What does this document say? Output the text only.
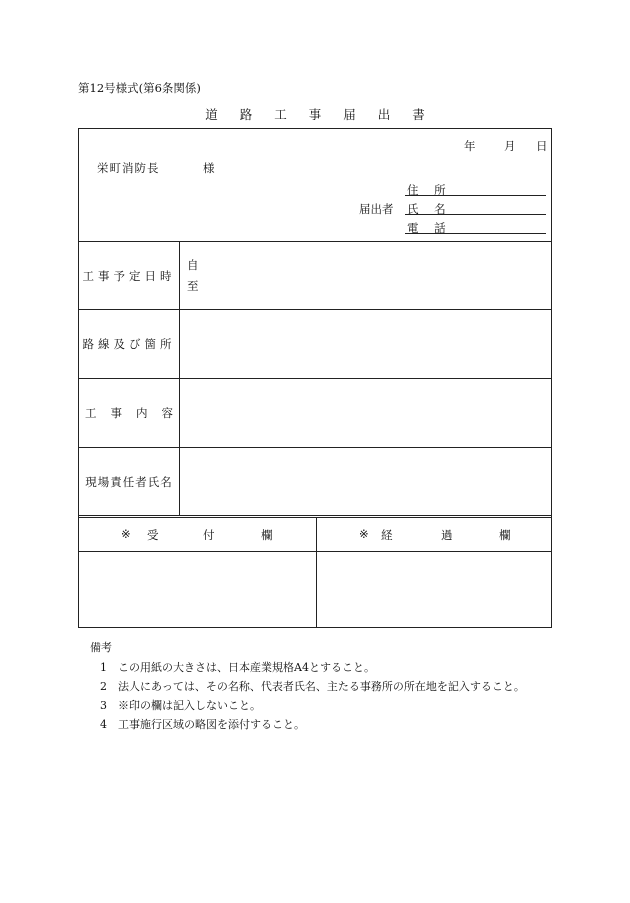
第12号様式(第6条関係)
道路工事届出書
年 月 日
栄町消防長	様
住 所
届出者 氏 名
電 話
工事予定日時
自
至
路線及び箇所
工事内容
現場責任者氏名
※ 受	付	欄	※ 経	過	欄
備考
1 この用紙の大きさは、日本産業規格A4とすること。
2 法人にあっては、その名称、代表者氏名、主たる事務所の所在地を記入すること。
3 ※印の欄は記入しないこと。
4 工事施行区域の略図を添付すること。
